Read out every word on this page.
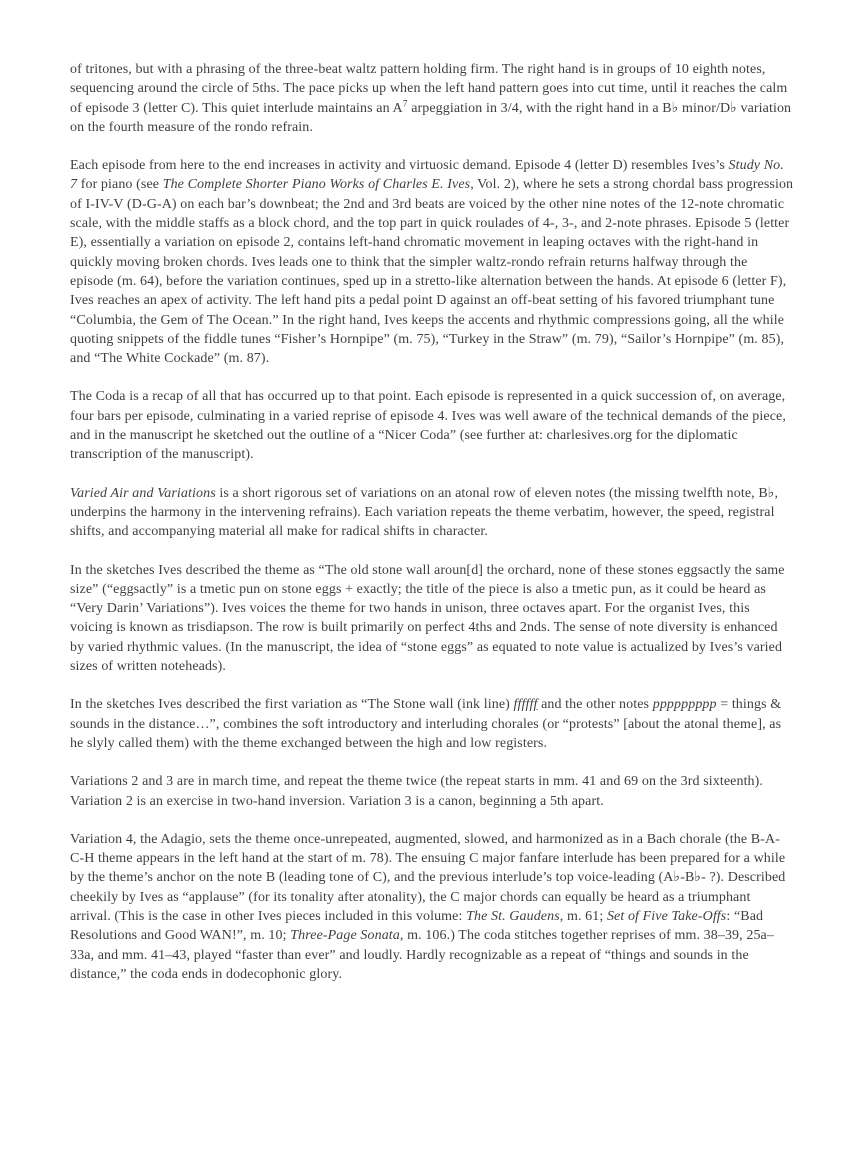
of tritones, but with a phrasing of the three-beat waltz pattern holding firm. The right hand is in groups of 10 eighth notes, sequencing around the circle of 5ths. The pace picks up when the left hand pattern goes into cut time, until it reaches the calm of episode 3 (letter C). This quiet interlude maintains an $A^7$ arpeggiation in 3/4, with the right hand in a B♭ minor/D♭ variation on the fourth measure of the rondo refrain.

Each episode from here to the end increases in activity and virtuosic demand. Episode 4 (letter D) resembles Ives’s Study No. 7 for piano (see The Complete Shorter Piano Works of Charles E. Ives, Vol. 2), where he sets a strong chordal bass progression of I-IV-V (D-G-A) on each bar’s downbeat; the 2nd and 3rd beats are voiced by the other nine notes of the 12-note chromatic scale, with the middle staffs as a block chord, and the top part in quick roulades of 4-, 3-, and 2-note phrases. Episode 5 (letter E), essentially a variation on episode 2, contains left-hand chromatic movement in leaping octaves with the right-hand in quickly moving broken chords. Ives leads one to think that the simpler waltz-rondo refrain returns halfway through the episode (m. 64), before the variation continues, sped up in a stretto-like alternation between the hands. At episode 6 (letter F), Ives reaches an apex of activity. The left hand pits a pedal point D against an off-beat setting of his favored triumphant tune “Columbia, the Gem of The Ocean.” In the right hand, Ives keeps the accents and rhythmic compressions going, all the while quoting snippets of the fiddle tunes “Fisher’s Hornpipe” (m. 75), “Turkey in the Straw” (m. 79), “Sailor’s Hornpipe” (m. 85), and “The White Cockade” (m. 87).

The Coda is a recap of all that has occurred up to that point. Each episode is represented in a quick succession of, on average, four bars per episode, culminating in a varied reprise of episode 4. Ives was well aware of the technical demands of the piece, and in the manuscript he sketched out the outline of a “Nicer Coda” (see further at: charlesives.org for the diplomatic transcription of the manuscript).

Varied Air and Variations is a short rigorous set of variations on an atonal row of eleven notes (the missing twelfth note, B♭, underpins the harmony in the intervening refrains). Each variation repeats the theme verbatim, however, the speed, registral shifts, and accompanying material all make for radical shifts in character.

In the sketches Ives described the theme as “The old stone wall aroun[d] the orchard, none of these stones eggsactly the same size” (“eggsactly” is a tmetic pun on stone eggs + exactly; the title of the piece is also a tmetic pun, as it could be heard as “Very Darin’ Variations”). Ives voices the theme for two hands in unison, three octaves apart. For the organist Ives, this voicing is known as trisdiapson. The row is built primarily on perfect 4ths and 2nds. The sense of note diversity is enhanced by varied rhythmic values. (In the manuscript, the idea of “stone eggs” as equated to note value is actualized by Ives’s varied sizes of written noteheads).

In the sketches Ives described the first variation as “The Stone wall (ink line) ffffff and the other notes ppppppppp = things & sounds in the distance…”, combines the soft introductory and interluding chorales (or “protests” [about the atonal theme], as he slyly called them) with the theme exchanged between the high and low registers.

Variations 2 and 3 are in march time, and repeat the theme twice (the repeat starts in mm. 41 and 69 on the 3rd sixteenth). Variation 2 is an exercise in two-hand inversion. Variation 3 is a canon, beginning a 5th apart.

Variation 4, the Adagio, sets the theme once-unrepeated, augmented, slowed, and harmonized as in a Bach chorale (the B-A-C-H theme appears in the left hand at the start of m. 78). The ensuing C major fanfare interlude has been prepared for a while by the theme’s anchor on the note B (leading tone of C), and the previous interlude’s top voice-leading (A♭-B♭- ?). Described cheekily by Ives as “applause” (for its tonality after atonality), the C major chords can equally be heard as a triumphant arrival. (This is the case in other Ives pieces included in this volume: The St. Gaudens, m. 61; Set of Five Take-Offs: “Bad Resolutions and Good WAN!”, m. 10; Three-Page Sonata, m. 106.) The coda stitches together reprises of mm. 38–39, 25a–33a, and mm. 41–43, played “faster than ever” and loudly. Hardly recognizable as a repeat of “things and sounds in the distance,” the coda ends in dodecophonic glory.
